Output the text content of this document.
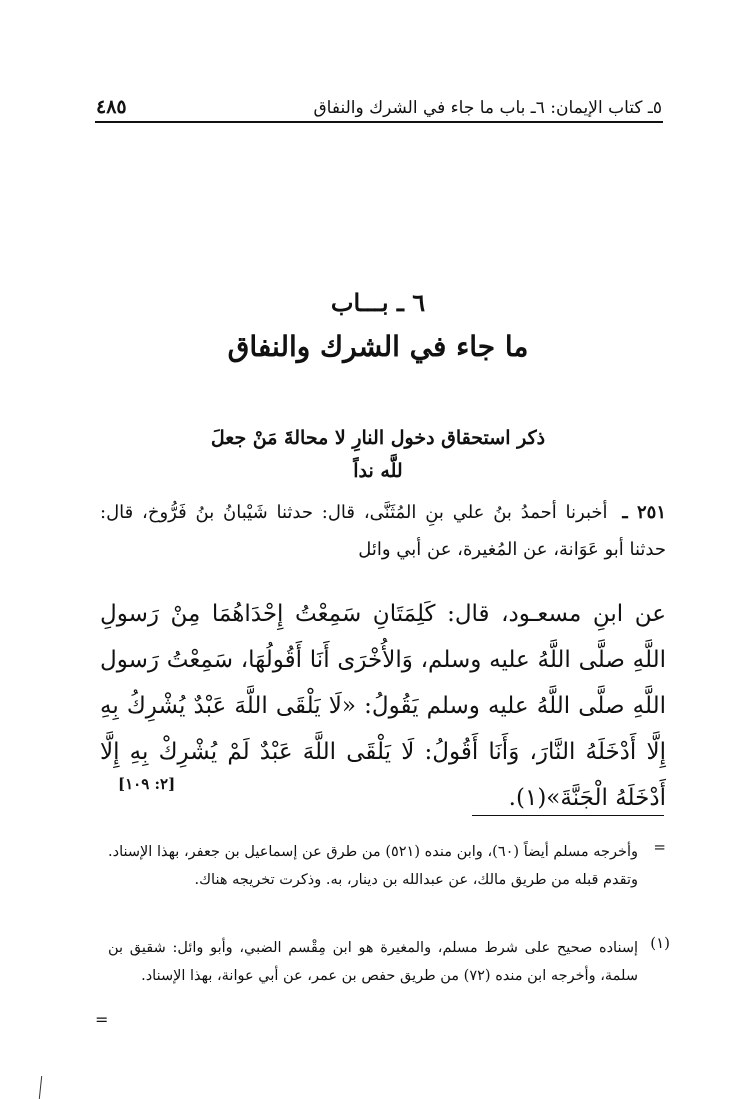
٤٨٥	٥ـ كتاب الإيمان: ٦ـ باب ما جاء في الشرك والنفاق
٦ ـ بـــاب
ما جاء في الشرك والنفاق
ذكر استحقاق دخول النارِ لا محالةَ مَنْ جعلَ
للَّه نداً
٢٥١ ـ أخبرنا أحمدُ بنُ علي بنِ المُثَنَّى، قال: حدثنا شَيْبانُ بنُ فَرُّوخ، قال: حدثنا أبو عَوَانة، عن المُغيرة، عن أبي وائل
عن ابنِ مسعـود، قال: كَلِمَتَانِ سَمِعْتُ إِحْدَاهُمَا مِنْ رَسولِ اللَّهِ صلَّى اللَّهُ عليه وسلم، وَالأُخْرَى أَنَا أَقُولُهَا، سَمِعْتُ رَسول اللَّهِ صلَّى اللَّهُ عليه وسلم يَقُولُ: «لَا يَلْقَى اللَّهَ عَبْدٌ يُشْرِكُ بِهِ إِلَّا أَدْخَلَهُ النَّارَ، وَأَنَا أَقُولُ: لَا يَلْقَى اللَّهَ عَبْدٌ لَمْ يُشْرِكْ بِهِ إِلَّا أَدْخَلَهُ الْجَنَّةَ»(١).
[٢: ١٠٩]
=
وأخرجه مسلم أيضاً (٦٠)، وابن منده (٥٢١) من طرق عن إسماعيل بن جعفر، بهذا الإسناد. وتقدم قبله من طريق مالك، عن عبدالله بن دينار، به. وذكرت تخريجه هناك.
(١)
إسناده صحيح على شرط مسلم، والمغيرة هو ابن مِقْسم الضبي، وأبو وائل: شقيق بن سلمة، وأخرجه ابن منده (٧٢) من طريق حفص بن عمر، عن أبي عوانة، بهذا الإسناد.
=
